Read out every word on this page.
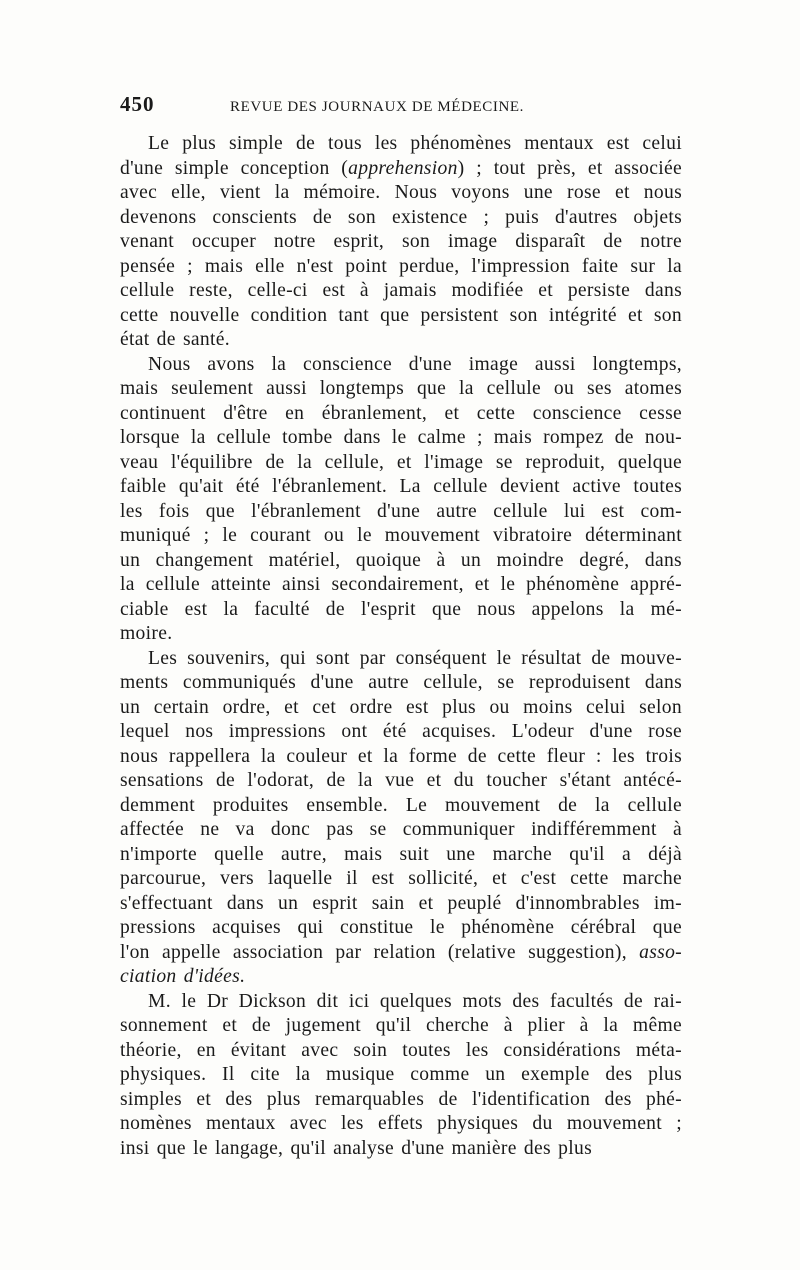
450	REVUE DES JOURNAUX DE MÉDECINE.

Le plus simple de tous les phénomènes mentaux est celui
d'une simple conception (apprehension) ; tout près, et associée
avec elle, vient la mémoire. Nous voyons une rose et nous
devenons conscients de son existence ; puis d'autres objets
venant occuper notre esprit, son image disparaît de notre
pensée ; mais elle n'est point perdue, l'impression faite sur la
cellule reste, celle-ci est à jamais modifiée et persiste dans
cette nouvelle condition tant que persistent son intégrité et son
état de santé.

Nous avons la conscience d'une image aussi longtemps,
mais seulement aussi longtemps que la cellule ou ses atomes
continuent d'être en ébranlement, et cette conscience cesse
lorsque la cellule tombe dans le calme ; mais rompez de nou-
veau l'équilibre de la cellule, et l'image se reproduit, quelque
faible qu'ait été l'ébranlement. La cellule devient active toutes
les fois que l'ébranlement d'une autre cellule lui est com-
muniqué ; le courant ou le mouvement vibratoire déterminant
un changement matériel, quoique à un moindre degré, dans
la cellule atteinte ainsi secondairement, et le phénomène appré-
ciable est la faculté de l'esprit que nous appelons la mé-
moire.

Les souvenirs, qui sont par conséquent le résultat de mouve-
ments communiqués d'une autre cellule, se reproduisent dans
un certain ordre, et cet ordre est plus ou moins celui selon
lequel nos impressions ont été acquises. L'odeur d'une rose
nous rappellera la couleur et la forme de cette fleur : les trois
sensations de l'odorat, de la vue et du toucher s'étant antécé-
demment produites ensemble. Le mouvement de la cellule
affectée ne va donc pas se communiquer indifféremment à
n'importe quelle autre, mais suit une marche qu'il a déjà
parcourue, vers laquelle il est sollicité, et c'est cette marche
s'effectuant dans un esprit sain et peuplé d'innombrables im-
pressions acquises qui constitue le phénomène cérébral que
l'on appelle association par relation (relative suggestion), asso-
ciation d'idées.

M. le Dr Dickson dit ici quelques mots des facultés de rai-
sonnement et de jugement qu'il cherche à plier à la même
théorie, en évitant avec soin toutes les considérations méta-
physiques. Il cite la musique comme un exemple des plus
simples et des plus remarquables de l'identification des phé-
nomènes mentaux avec les effets physiques du mouvement ;
insi que le langage, qu'il analyse d'une manière des plus
